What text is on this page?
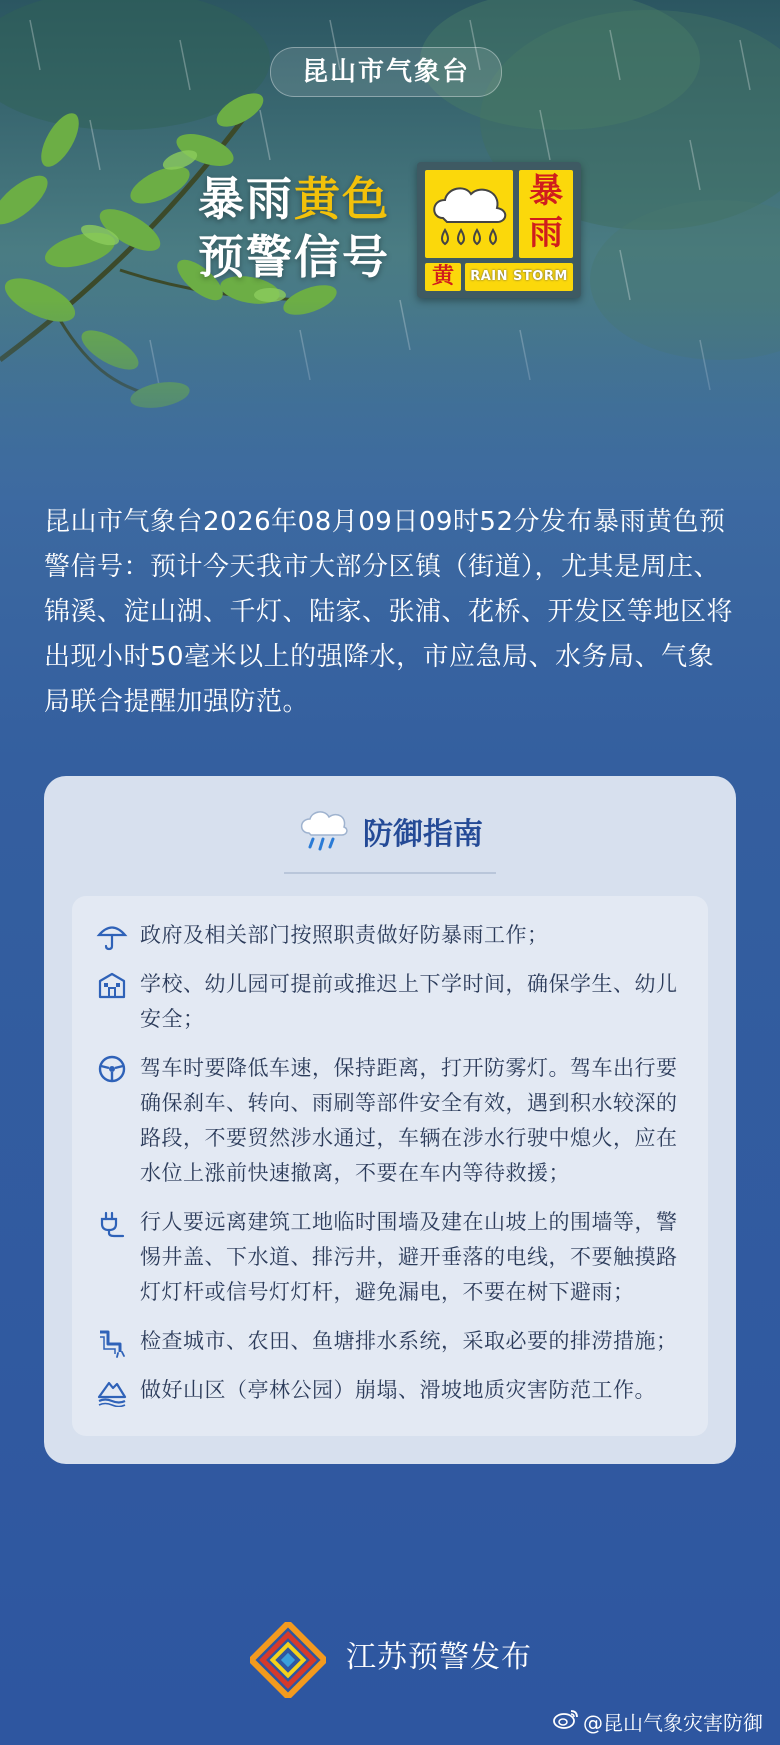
昆山市气象台
暴雨黄色
预警信号
暴
雨
黄	RAIN STORM

昆山市气象台2026年08月09日09时52分发布暴雨黄色预警信号：预计今天我市大部分区镇（街道），尤其是周庄、锦溪、淀山湖、千灯、陆家、张浦、花桥、开发区等地区将出现小时50毫米以上的强降水，市应急局、水务局、气象局联合提醒加强防范。

防御指南
政府及相关部门按照职责做好防暴雨工作；
学校、幼儿园可提前或推迟上下学时间，确保学生、幼儿安全；
驾车时要降低车速，保持距离，打开防雾灯。驾车出行要确保刹车、转向、雨刷等部件安全有效，遇到积水较深的路段，不要贸然涉水通过，车辆在涉水行驶中熄火，应在水位上涨前快速撤离，不要在车内等待救援；
行人要远离建筑工地临时围墙及建在山坡上的围墙等，警惕井盖、下水道、排污井，避开垂落的电线，不要触摸路灯灯杆或信号灯灯杆，避免漏电，不要在树下避雨；
检查城市、农田、鱼塘排水系统，采取必要的排涝措施；
做好山区（亭林公园）崩塌、滑坡地质灾害防范工作。
江苏预警发布
@昆山气象灾害防御
